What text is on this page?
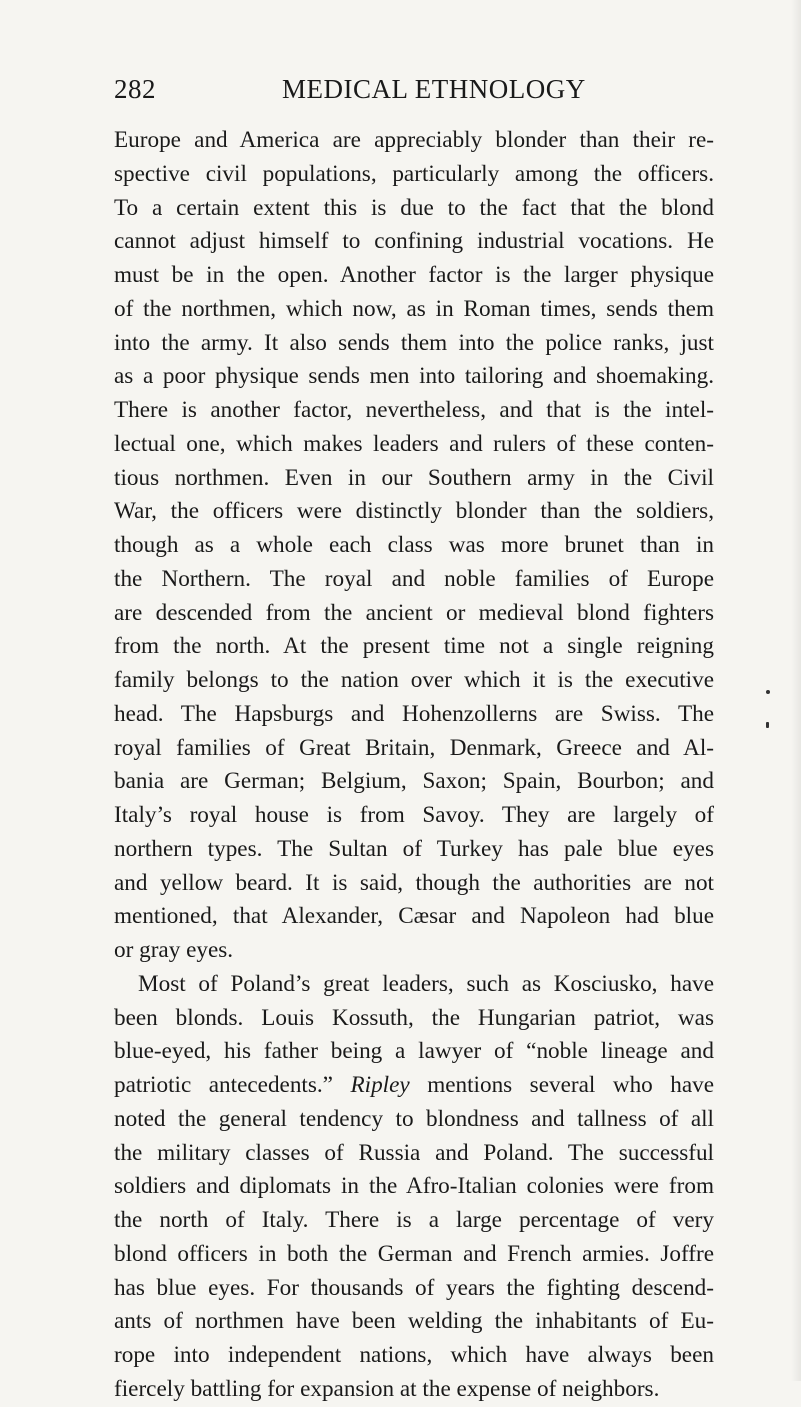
282	MEDICAL ETHNOLOGY
Europe and America are appreciably blonder than their re-
spective civil populations, particularly among the officers.
To a certain extent this is due to the fact that the blond
cannot adjust himself to confining industrial vocations. He
must be in the open. Another factor is the larger physique
of the northmen, which now, as in Roman times, sends them
into the army. It also sends them into the police ranks, just
as a poor physique sends men into tailoring and shoemaking.
There is another factor, nevertheless, and that is the intel-
lectual one, which makes leaders and rulers of these conten-
tious northmen. Even in our Southern army in the Civil
War, the officers were distinctly blonder than the soldiers,
though as a whole each class was more brunet than in
the Northern. The royal and noble families of Europe
are descended from the ancient or medieval blond fighters
from the north. At the present time not a single reigning
family belongs to the nation over which it is the executive
head. The Hapsburgs and Hohenzollerns are Swiss. The
royal families of Great Britain, Denmark, Greece and Al-
bania are German; Belgium, Saxon; Spain, Bourbon; and
Italy’s royal house is from Savoy. They are largely of
northern types. The Sultan of Turkey has pale blue eyes
and yellow beard. It is said, though the authorities are not
mentioned, that Alexander, Cæsar and Napoleon had blue
or gray eyes.
Most of Poland’s great leaders, such as Kosciusko, have
been blonds. Louis Kossuth, the Hungarian patriot, was
blue-eyed, his father being a lawyer of “noble lineage and
patriotic antecedents.” Ripley mentions several who have
noted the general tendency to blondness and tallness of all
the military classes of Russia and Poland. The successful
soldiers and diplomats in the Afro-Italian colonies were from
the north of Italy. There is a large percentage of very
blond officers in both the German and French armies. Joffre
has blue eyes. For thousands of years the fighting descend-
ants of northmen have been welding the inhabitants of Eu-
rope into independent nations, which have always been
fiercely battling for expansion at the expense of neighbors.
